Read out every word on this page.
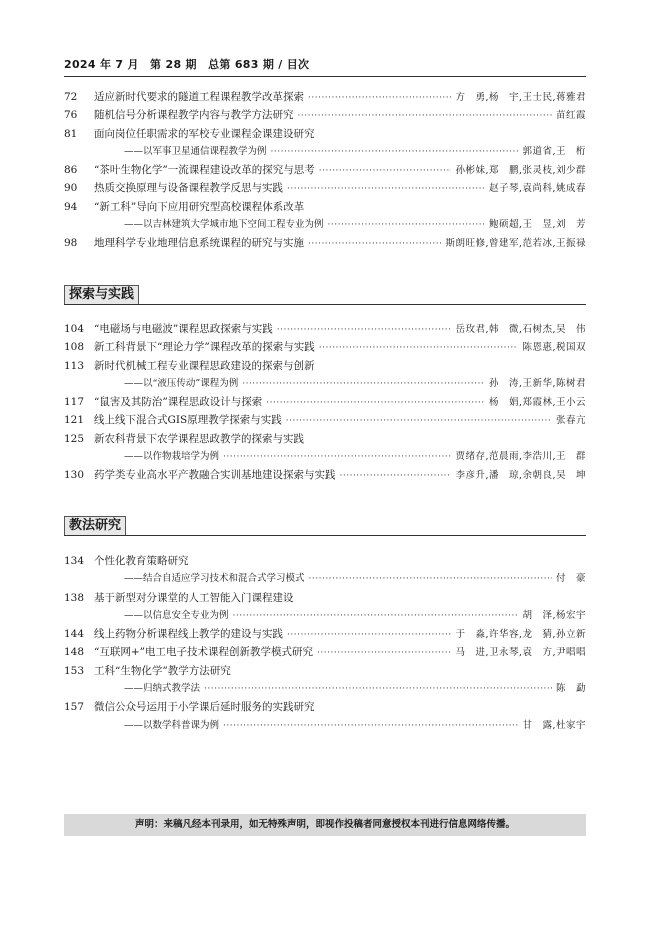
2024 年 7 月　第 28 期　总第 683 期 / 目次
72	适应新时代要求的隧道工程课程教学改革探索 ·····	方　勇,杨　宇,王士民,蒋雅君
76	随机信号分析课程教学内容与教学方法研究 ·····	苗红霞
81	面向岗位任职需求的军校专业课程金课建设研究
——以军事卫星通信课程教学为例 ·····	郭道省,王　桁
86	“茶叶生物化学”一流课程建设改革的探究与思考 ·····	孙彬妹,郑　鹏,张灵枝,刘少群
90	热质交换原理与设备课程教学反思与实践 ·····	赵子琴,袁尚科,姚成春
94	“新工科”导向下应用研究型高校课程体系改革
——以吉林建筑大学城市地下空间工程专业为例 ·····	鲍硕超,王　昱,刘　芳
98	地理科学专业地理信息系统课程的研究与实施 ·····	斯朗旺修,曾建军,范若冰,王振禄
探索与实践
104 “电磁场与电磁波”课程思政探索与实践 ·····	岳玫君,韩　微,石树杰,吴　伟
108 新工科背景下“理论力学”课程改革的探索与实践 ·····	陈恩惠,税国双
113 新时代机械工程专业课程思政建设的探索与创新
——以“液压传动”课程为例 ·····	孙　涛,王新华,陈树君
117 “鼠害及其防治”课程思政设计与探索 ·····	杨　娟,郑霞林,王小云
121 线上线下混合式GIS原理教学探索与实践 ·····	张春亢
125 新农科背景下农学课程思政教学的探索与实践
——以作物栽培学为例 ·····	贾绪存,范晨雨,李浩川,王　群
130 药学类专业高水平产教融合实训基地建设探索与实践 ·····	李彦升,潘　琼,余朝良,吴　坤
教法研究
134 个性化教育策略研究
——结合自适应学习技术和混合式学习模式 ·····	付　豪
138 基于新型对分课堂的人工智能入门课程建设
——以信息安全专业为例 ·····	胡　泽,杨宏宇
144 线上药物分析课程线上教学的建设与实践 ·····	于　淼,许华容,龙　猜,孙立新
148 “互联网+”电工电子技术课程创新教学模式研究 ·····	马　进,卫永琴,袁　方,尹唱唱
153 工科“生物化学”教学方法研究
——归纳式教学法 ·····	陈　勐
157 微信公众号运用于小学课后延时服务的实践研究
——以数学科普课为例 ·····	甘　露,杜家宇
声明：来稿凡经本刊录用，如无特殊声明，即视作投稿者同意授权本刊进行信息网络传播。
